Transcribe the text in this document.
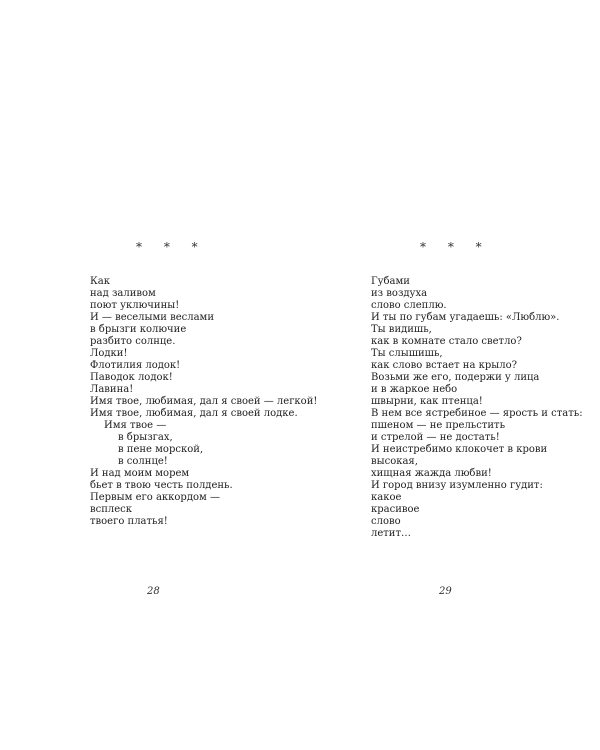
* * *
Как
над заливом
поют уключины!
И — веселыми веслами
в брызги колючие
разбито солнце.
Лодки!
Флотилия лодок!
Паводок лодок!
Лавина!
Имя твое, любимая, дал я своей — легкой!
Имя твое, любимая, дал я своей лодке.
Имя твое —
в брызгах,
в пене морской,
в солнце!
И над моим морем
бьет в твою честь полдень.
Первым его аккордом —
всплеск
твоего платья!
28
* * *
Губами
из воздуха
слово слеплю.
И ты по губам угадаешь: «Люблю».
Ты видишь,
как в комнате стало светло?
Ты слышишь,
как слово встает на крыло?
Возьми же его, подержи у лица
и в жаркое небо
швырни, как птенца!
В нем все ястребиное — ярость и стать:
пшеном — не прельстить
и стрелой — не достать!
И неистребимо клокочет в крови
высокая,
хищная жажда любви!
И город внизу изумленно гудит:
какое
красивое
слово
летит…
29
